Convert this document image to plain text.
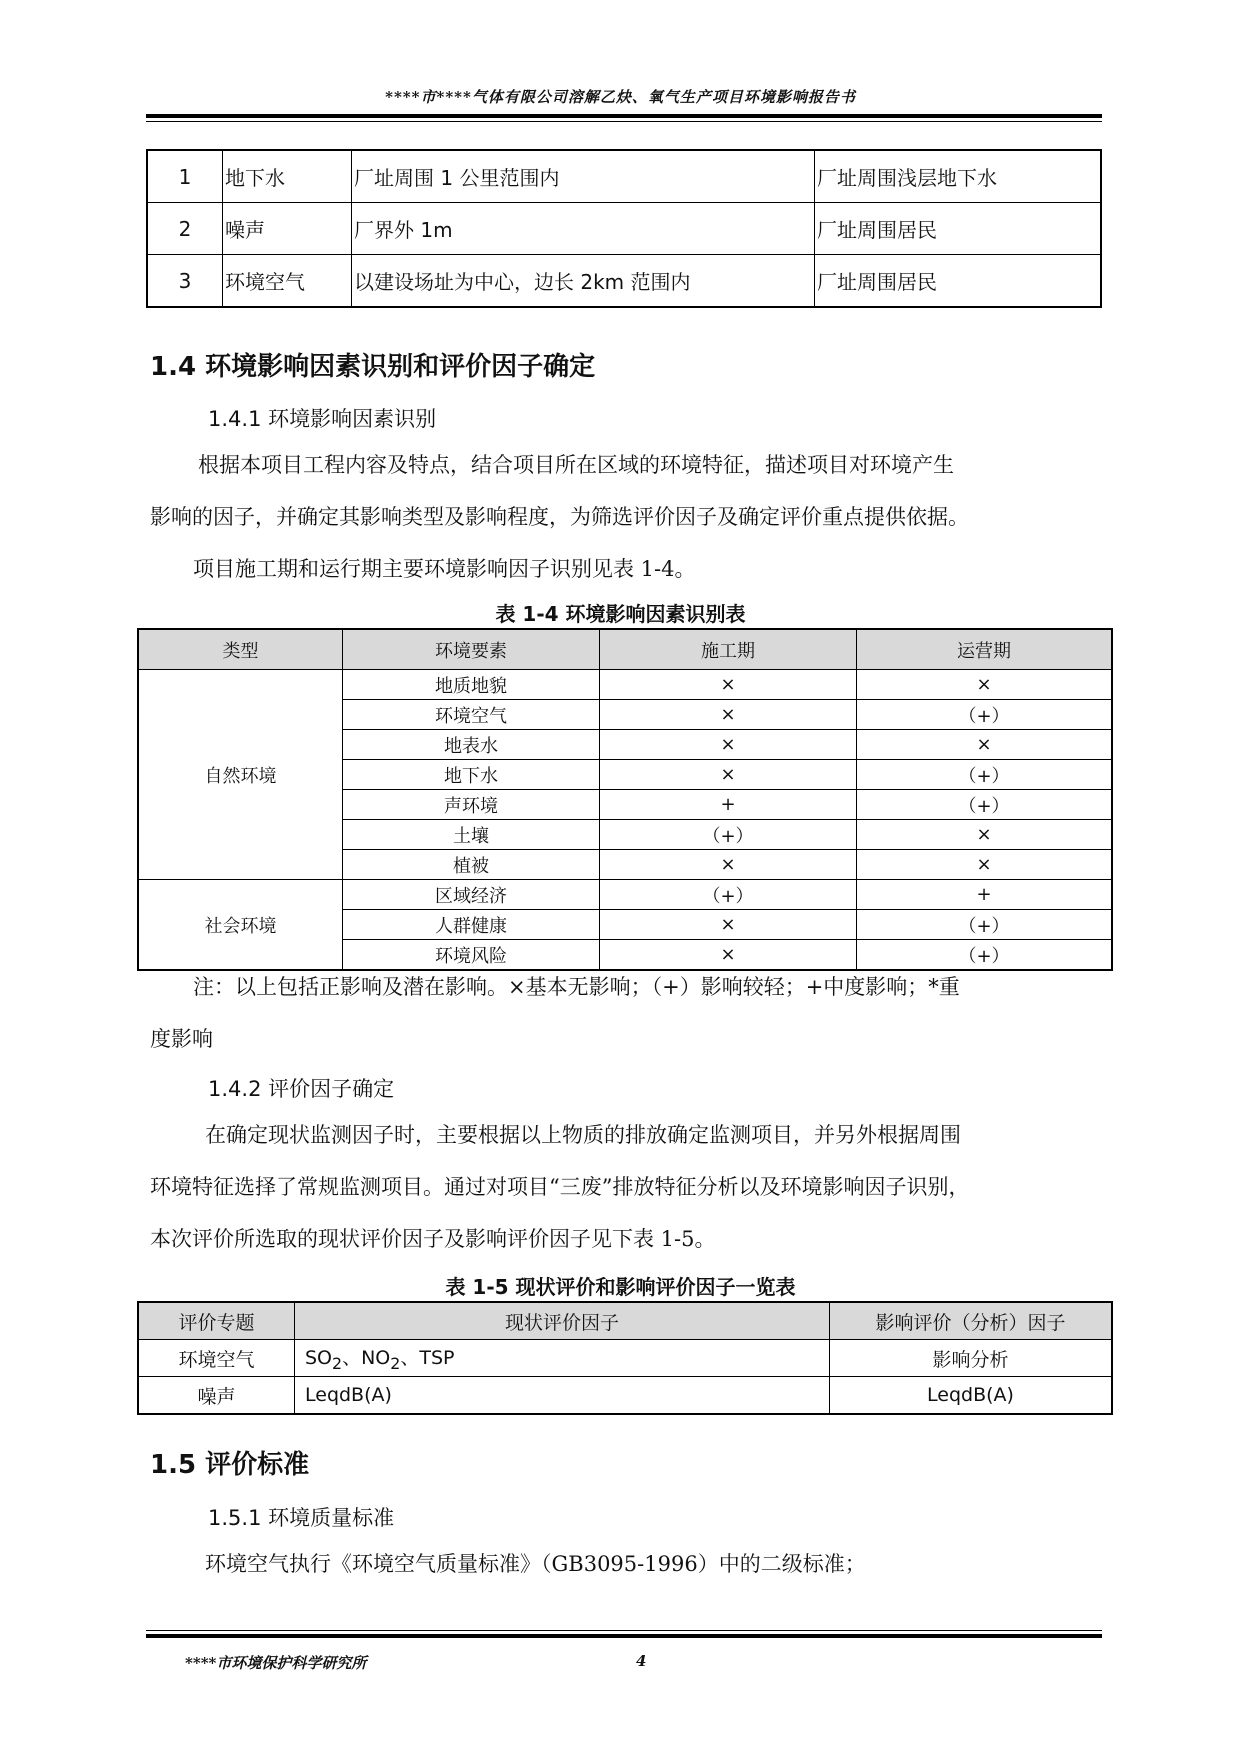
****市****气体有限公司溶解乙炔、氧气生产项目环境影响报告书
1	地下水	厂址周围 1 公里范围内	厂址周围浅层地下水
2	噪声	厂界外 1m	厂址周围居民
3	环境空气	以建设场址为中心，边长 2km 范围内	厂址周围居民
1.4 环境影响因素识别和评价因子确定
1.4.1 环境影响因素识别
根据本项目工程内容及特点，结合项目所在区域的环境特征，描述项目对环境产生
影响的因子，并确定其影响类型及影响程度，为筛选评价因子及确定评价重点提供依据。
项目施工期和运行期主要环境影响因子识别见表 1-4。
表 1-4 环境影响因素识别表
类型	环境要素	施工期	运营期
自然环境	地质地貌	×	×
	环境空气	×	（+）
	地表水	×	×
	地下水	×	（+）
	声环境	+	（+）
	土壤	（+）	×
	植被	×	×
社会环境	区域经济	（+）	+
	人群健康	×	（+）
	环境风险	×	（+）
注：以上包括正影响及潜在影响。×基本无影响；（+）影响较轻；+中度影响；*重
度影响
1.4.2 评价因子确定
在确定现状监测因子时，主要根据以上物质的排放确定监测项目，并另外根据周围
环境特征选择了常规监测项目。通过对项目“三废”排放特征分析以及环境影响因子识别，
本次评价所选取的现状评价因子及影响评价因子见下表 1-5。
表 1-5 现状评价和影响评价因子一览表
评价专题	现状评价因子	影响评价（分析）因子
环境空气	$SO_2$、$NO_2$、TSP	影响分析
噪声	LeqdB(A)	LeqdB(A)
1.5 评价标准
1.5.1 环境质量标准
环境空气执行《环境空气质量标准》（GB3095-1996）中的二级标准；
****市环境保护科学研究所	4
